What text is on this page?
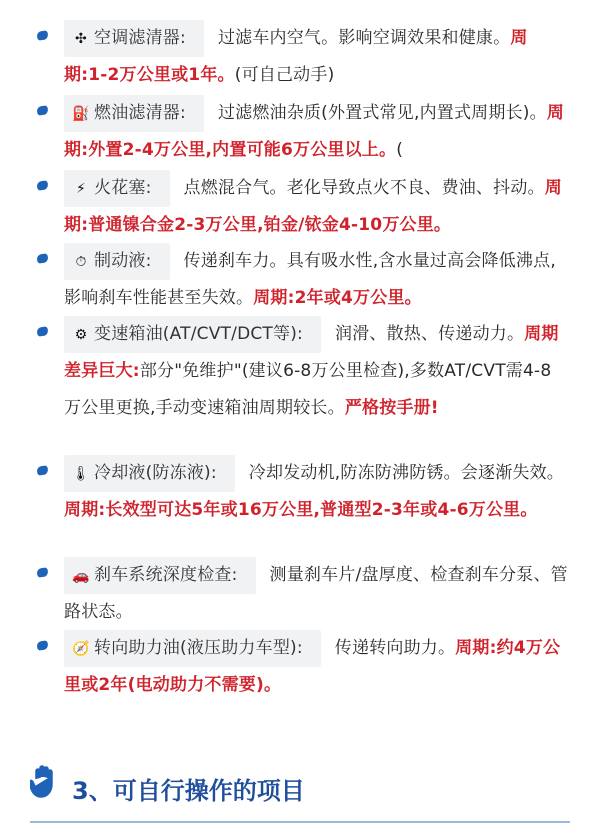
✣ 空调滤清器: 过滤车内空气。影响空调效果和健康。周期:1-2万公里或1年。(可自己动手)
⛽ 燃油滤清器: 过滤燃油杂质(外置式常见,内置式周期长)。周期:外置2-4万公里,内置可能6万公里以上。(
⚡ 火花塞: 点燃混合气。老化导致点火不良、费油、抖动。周期:普通镍合金2-3万公里,铂金/铱金4-10万公里。
⏱ 制动液: 传递刹车力。具有吸水性,含水量过高会降低沸点,影响刹车性能甚至失效。周期:2年或4万公里。
⚙ 变速箱油(AT/CVT/DCT等): 润滑、散热、传递动力。周期差异巨大:部分"免维护"(建议6-8万公里检查),多数AT/CVT需4-8万公里更换,手动变速箱油周期较长。严格按手册!
🌡 冷却液(防冻液): 冷却发动机,防冻防沸防锈。会逐渐失效。周期:长效型可达5年或16万公里,普通型2-3年或4-6万公里。
🚗 刹车系统深度检查: 测量刹车片/盘厚度、检查刹车分泵、管路状态。
🧭 转向助力油(液压助力车型): 传递转向助力。周期:约4万公里或2年(电动助力不需要)。
3、可自行操作的项目
